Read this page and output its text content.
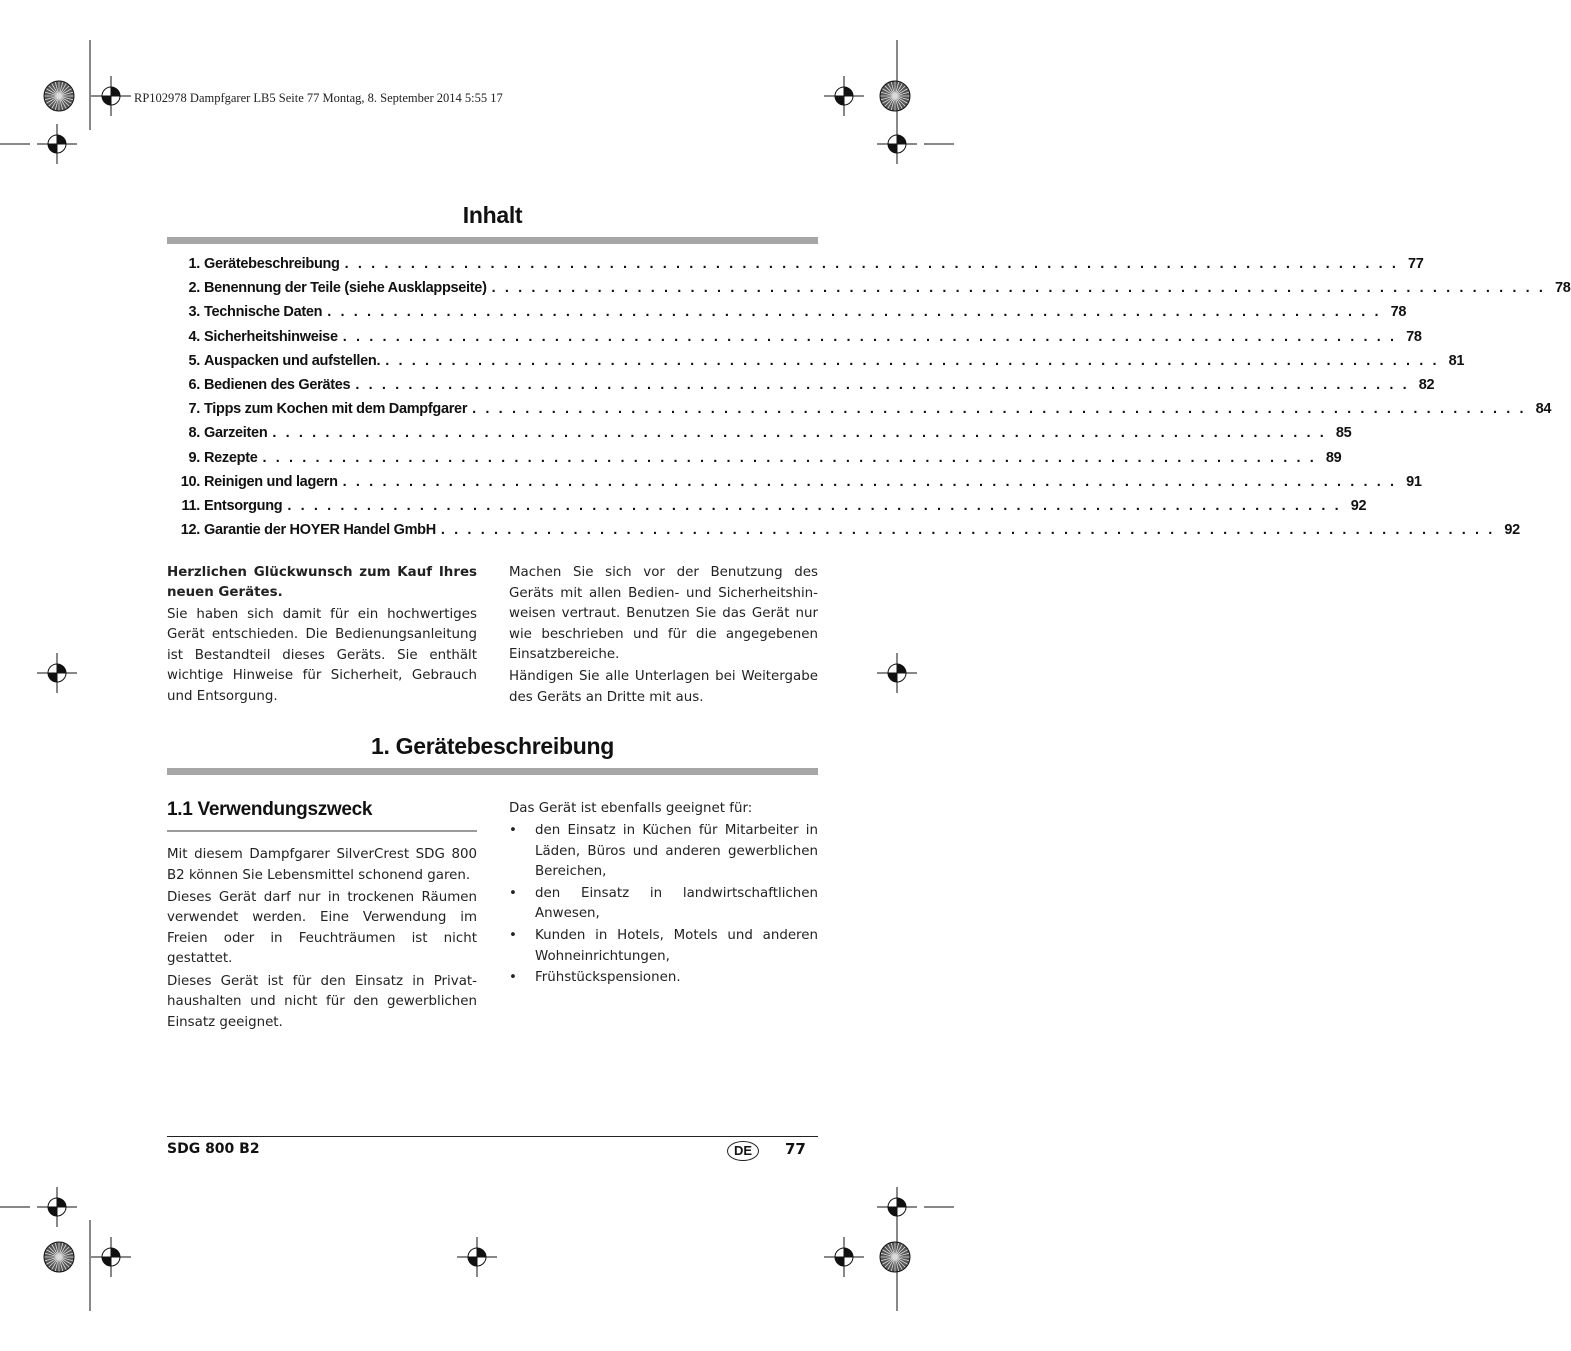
RP102978 Dampfgarer LB5 Seite 77 Montag, 8. September 2014 5:55 17
Inhalt
1. Gerätebeschreibung . . . . . . . . . . . . . . . . . . . . . . . . . . . . . . . . . . . . . . . . . . . . . . . . . . . . . . . . . . . . . . . . . . . . . . . . . . . . . . . . 77
2. Benennung der Teile (siehe Ausklappseite) . . . . . . . . . . . . . . . . . . . . . . . . . . . . . . . . . . . . . . . . . . . . . . . . . . . . . . . . . . . . . . . . . . . . . . . . . . . . . . . . 78
3. Technische Daten . . . . . . . . . . . . . . . . . . . . . . . . . . . . . . . . . . . . . . . . . . . . . . . . . . . . . . . . . . . . . . . . . . . . . . . . . . . . . . . . 78
4. Sicherheitshinweise . . . . . . . . . . . . . . . . . . . . . . . . . . . . . . . . . . . . . . . . . . . . . . . . . . . . . . . . . . . . . . . . . . . . . . . . . . . . . . . . 78
5. Auspacken und aufstellen. . . . . . . . . . . . . . . . . . . . . . . . . . . . . . . . . . . . . . . . . . . . . . . . . . . . . . . . . . . . . . . . . . . . . . . . . . . . . . . . . 81
6. Bedienen des Gerätes . . . . . . . . . . . . . . . . . . . . . . . . . . . . . . . . . . . . . . . . . . . . . . . . . . . . . . . . . . . . . . . . . . . . . . . . . . . . . . . . 82
7. Tipps zum Kochen mit dem Dampfgarer . . . . . . . . . . . . . . . . . . . . . . . . . . . . . . . . . . . . . . . . . . . . . . . . . . . . . . . . . . . . . . . . . . . . . . . . . . . . . . . . 84
8. Garzeiten . . . . . . . . . . . . . . . . . . . . . . . . . . . . . . . . . . . . . . . . . . . . . . . . . . . . . . . . . . . . . . . . . . . . . . . . . . . . . . . . 85
9. Rezepte . . . . . . . . . . . . . . . . . . . . . . . . . . . . . . . . . . . . . . . . . . . . . . . . . . . . . . . . . . . . . . . . . . . . . . . . . . . . . . . . 89
10. Reinigen und lagern . . . . . . . . . . . . . . . . . . . . . . . . . . . . . . . . . . . . . . . . . . . . . . . . . . . . . . . . . . . . . . . . . . . . . . . . . . . . . . . . 91
11. Entsorgung . . . . . . . . . . . . . . . . . . . . . . . . . . . . . . . . . . . . . . . . . . . . . . . . . . . . . . . . . . . . . . . . . . . . . . . . . . . . . . . . 92
12. Garantie der HOYER Handel GmbH . . . . . . . . . . . . . . . . . . . . . . . . . . . . . . . . . . . . . . . . . . . . . . . . . . . . . . . . . . . . . . . . . . . . . . . . . . . . . . . . 92

Herzlichen Glückwunsch zum Kauf Ihres neuen Gerätes.

Sie haben sich damit für ein hochwertiges Gerät entschieden. Die Bedienungsanleitung ist Bestandteil dieses Geräts. Sie enthält wichtige Hinweise für Sicherheit, Gebrauch und Entsorgung.

Machen Sie sich vor der Benutzung des Geräts mit allen Bedien- und Sicherheitshinweisen vertraut. Benutzen Sie das Gerät nur wie beschrieben und für die angegebenen Einsatzbereiche.

Händigen Sie alle Unterlagen bei Weitergabe des Geräts an Dritte mit aus.

1. Gerätebeschreibung
1.1 Verwendungszweck

Mit diesem Dampfgarer SilverCrest SDG 800 B2 können Sie Lebensmittel schonend garen.

Dieses Gerät darf nur in trockenen Räumen verwendet werden. Eine Verwendung im Freien oder in Feuchträumen ist nicht gestattet.

Dieses Gerät ist für den Einsatz in Privathaushalten und nicht für den gewerblichen Einsatz geeignet.

Das Gerät ist ebenfalls geeignet für:

• den Einsatz in Küchen für Mitarbeiter in Läden, Büros und anderen gewerblichen Bereichen,
• den Einsatz in landwirtschaftlichen Anwesen,
• Kunden in Hotels, Motels und anderen Wohneinrichtungen,
• Frühstückspensionen.
SDG 800 B2	DE	77
